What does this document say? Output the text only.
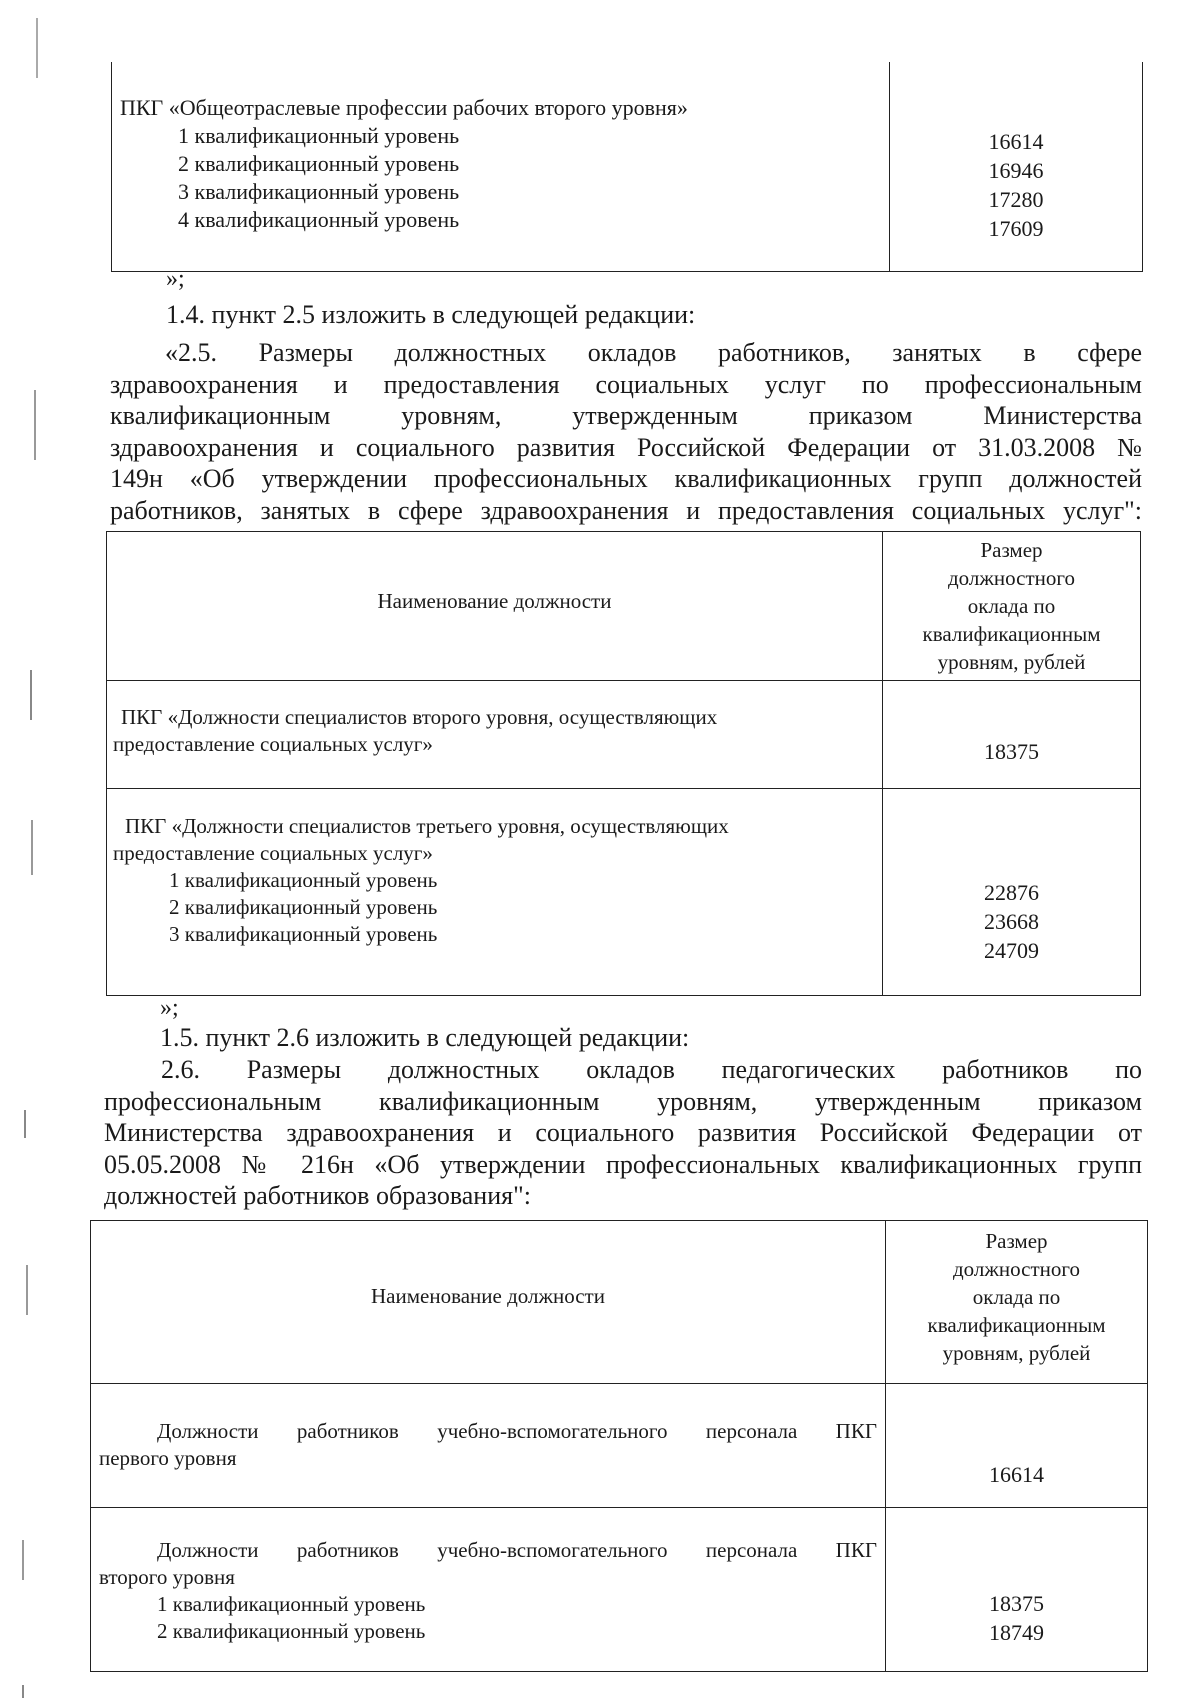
ПКГ «Общеотраслевые профессии рабочих второго уровня»
1 квалификационный уровень
2 квалификационный уровень
3 квалификационный уровень
4 квалификационный уровень
16614
16946
17280
17609
»;
1.4. пункт 2.5 изложить в следующей редакции:
«2.5. Размеры должностных окладов работников, занятых в сфере
здравоохранения и предоставления социальных услуг по профессиональным
квалификационным уровням, утвержденным приказом Министерства
здравоохранения и социального развития Российской Федерации от 31.03.2008 №
149н «Об утверждении профессиональных квалификационных групп должностей
работников, занятых в сфере здравоохранения и предоставления социальных услуг":
Наименование должности
Размер
должностного
оклада по
квалификационным
уровням, рублей
ПКГ «Должности специалистов второго уровня, осуществляющих
предоставление социальных услуг»	18375
ПКГ «Должности специалистов третьего уровня, осуществляющих
предоставление социальных услуг»
1 квалификационный уровень
2 квалификационный уровень
3 квалификационный уровень
22876
23668
24709
»;
1.5. пункт 2.6 изложить в следующей редакции:
2.6. Размеры должностных окладов педагогических работников по
профессиональным квалификационным уровням, утвержденным приказом
Министерства здравоохранения и социального развития Российской Федерации от
05.05.2008 № 216н «Об утверждении профессиональных квалификационных групп
должностей работников образования":
Наименование должности
Размер
должностного
оклада по
квалификационным
уровням, рублей
Должности работников учебно-вспомогательного персонала ПКГ
первого уровня
16614
Должности работников учебно-вспомогательного персонала ПКГ
второго уровня
1 квалификационный уровень
2 квалификационный уровень
18375
18749
